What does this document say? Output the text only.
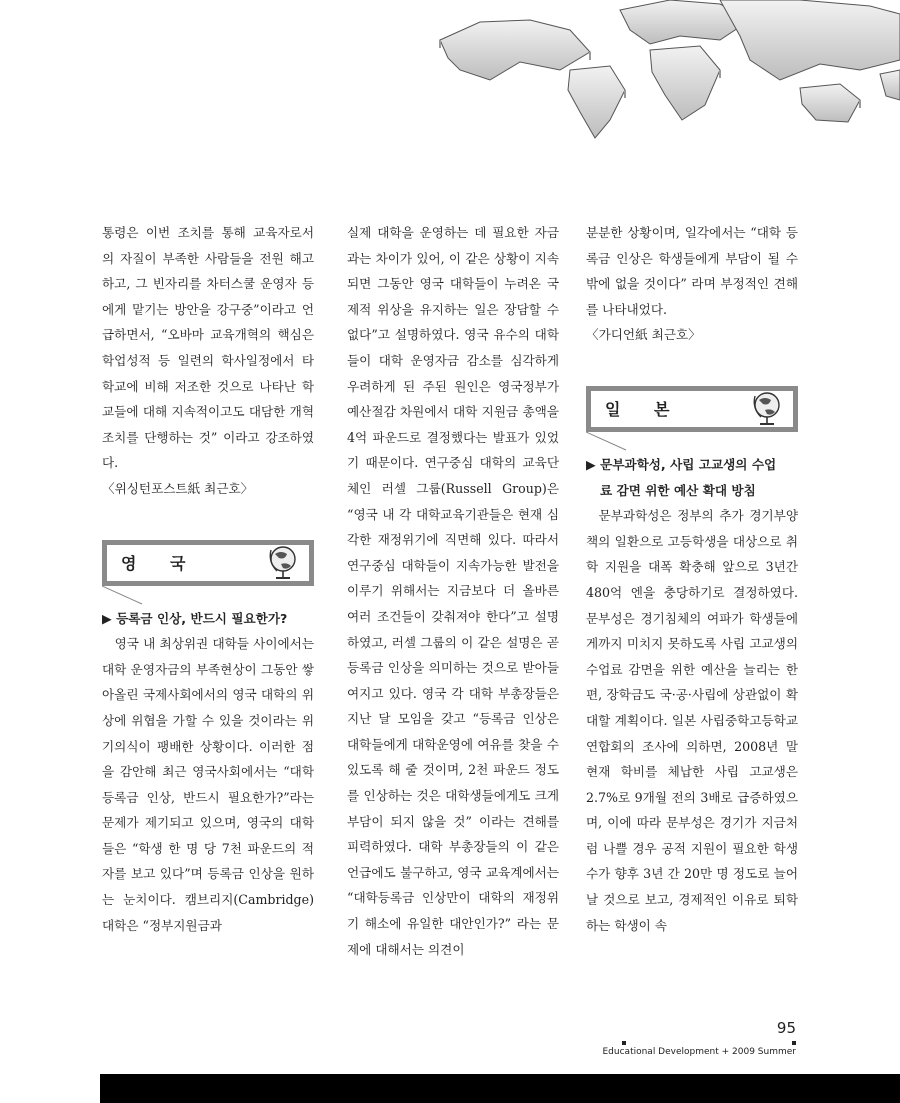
통령은 이번 조치를 통해 교육자로서 의 자질이 부족한 사람들을 전원 해고하고, 그 빈자리를 차터스쿨 운영자 등에게 맡기는 방안을 강구중”이라고 언급하면서, “오바마 교육개혁의 핵심은 학업성적 등 일련의 학사일정에서 타 학교에 비해 저조한 것으로 나타난 학교들에 대해 지속적이고도 대담한 개혁조치를 단행하는 것” 이라고 강조하였다.

〈위싱턴포스트紙 최근호〉

영 국

▶ 등록금 인상, 반드시 필요한가?

영국 내 최상위권 대학들 사이에서는 대학 운영자금의 부족현상이 그동안 쌓아올린 국제사회에서의 영국 대학의 위상에 위협을 가할 수 있을 것이라는 위기의식이 팽배한 상황이다. 이러한 점을 감안해 최근 영국사회에서는 “대학등록금 인상, 반드시 필요한가?”라는 문제가 제기되고 있으며, 영국의 대학들은 “학생 한 명 당 7천 파운드의 적자를 보고 있다”며 등록금 인상을 원하는 눈치이다. 캠브리지(Cambridge) 대학은 “정부지원금과

실제 대학을 운영하는 데 필요한 자금과는 차이가 있어, 이 같은 상황이 지속되면 그동안 영국 대학들이 누려온 국제적 위상을 유지하는 일은 장담할 수 없다”고 설명하였다. 영국 유수의 대학들이 대학 운영자금 감소를 심각하게 우려하게 된 주된 원인은 영국정부가 예산절감 차원에서 대학 지원금 총액을 4억 파운드로 결정했다는 발표가 있었기 때문이다. 연구중심 대학의 교육단체인 러셀 그룹(Russell Group)은 “영국 내 각 대학교육기관들은 현재 심각한 재정위기에 직면해 있다. 따라서 연구중심 대학들이 지속가능한 발전을 이루기 위해서는 지금보다 더 올바른 여러 조건들이 갖춰져야 한다”고 설명하였고, 러셀 그룹의 이 같은 설명은 곧 등록금 인상을 의미하는 것으로 받아들여지고 있다. 영국 각 대학 부총장들은 지난 달 모임을 갖고 “등록금 인상은 대학들에게 대학운영에 여유를 찾을 수 있도록 해 줄 것이며, 2천 파운드 정도를 인상하는 것은 대학생들에게도 크게 부담이 되지 않을 것” 이라는 견해를 피력하였다. 대학 부총장들의 이 같은 언급에도 불구하고, 영국 교육계에서는 “대학등록금 인상만이 대학의 재정위기 해소에 유일한 대안인가?” 라는 문제에 대해서는 의견이

분분한 상황이며, 일각에서는 “대학 등록금 인상은 학생들에게 부담이 될 수밖에 없을 것이다” 라며 부정적인 견해를 나타내었다.

〈가디언紙 최근호〉

일 본

▶ 문부과학성, 사립 고교생의 수업

료 감면 위한 예산 확대 방침

문부과학성은 정부의 추가 경기부양책의 일환으로 고등학생을 대상으로 취학 지원을 대폭 확충해 앞으로 3년간 480억 엔을 충당하기로 결정하였다. 문부성은 경기침체의 여파가 학생들에게까지 미치지 못하도록 사립 고교생의 수업료 감면을 위한 예산을 늘리는 한편, 장학금도 국·공·사립에 상관없이 확대할 계획이다. 일본 사립중학고등학교연합회의 조사에 의하면, 2008년 말 현재 학비를 체납한 사립 고교생은 2.7%로 9개월 전의 3배로 급증하였으며, 이에 따라 문부성은 경기가 지금처럼 나쁠 경우 공적 지원이 필요한 학생 수가 향후 3년 간 20만 명 정도로 늘어날 것으로 보고, 경제적인 이유로 퇴학하는 학생이 속

95
Educational Development + 2009 Summer
